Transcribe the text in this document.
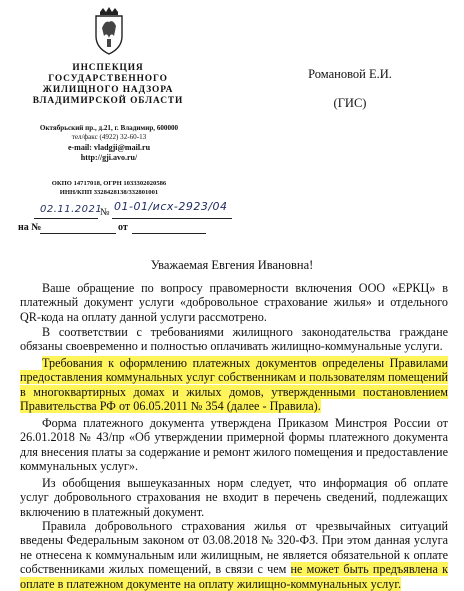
ИНСПЕКЦИЯ
ГОСУДАРСТВЕННОГО
ЖИЛИЩНОГО НАДЗОРА
ВЛАДИМИРСКОЙ ОБЛАСТИ
Октябрьский пр., д.21, г. Владимир, 600000
тел/факс (4922) 32-60-13
e-mail: vladgji@mail.ru
http://gji.avo.ru/
ОКПО 14717018, ОГРН 1033302020586
ИНН/КПП 3328428138/332801001
Романовой Е.И.
(ГИС)
02.11.2021
№ 01-01/исх-2923/04
на №	от
Уважаемая Евгения Ивановна!
Ваше обращение по вопросу правомерности включения ООО «ЕРКЦ» в платежный документ услуги «добровольное страхование жилья» и отдельного QR-кода на оплату данной услуги рассмотрено.
В соответствии с требованиями жилищного законодательства граждане обязаны своевременно и полностью оплачивать жилищно-коммунальные услуги.
Требования к оформлению платежных документов определены Правилами предоставления коммунальных услуг собственникам и пользователям помещений в многоквартирных домах и жилых домов, утвержденными постановлением Правительства РФ от 06.05.2011 № 354 (далее - Правила).
Форма платежного документа утверждена Приказом Минстроя России от 26.01.2018 № 43/пр «Об утверждении примерной формы платежного документа для внесения платы за содержание и ремонт жилого помещения и предоставление коммунальных услуг».
Из обобщения вышеуказанных норм следует, что информация об оплате услуг добровольного страхования не входит в перечень сведений, подлежащих включению в платежный документ.
Правила добровольного страхования жилья от чрезвычайных ситуаций введены Федеральным законом от 03.08.2018 № 320-ФЗ. При этом данная услуга не отнесена к коммунальным или жилищным, не является обязательной к оплате собственниками жилых помещений, в связи с чем не может быть предъявлена к оплате в платежном документе на оплату жилищно-коммунальных услуг.
